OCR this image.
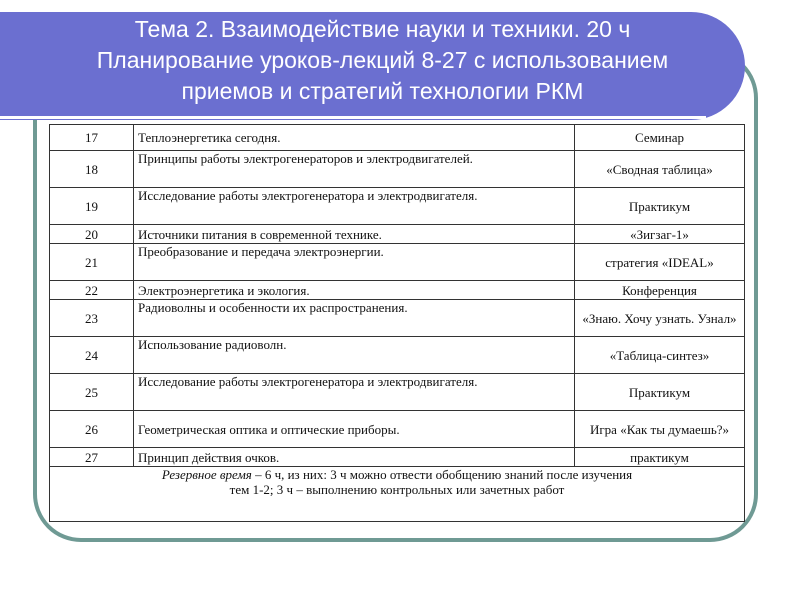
Тема 2. Взаимодействие науки и техники. 20 ч
Планирование уроков-лекций 8-27 с использованием
приемов и стратегий технологии РКМ
17	Теплоэнергетика сегодня.	Семинар
18	Принципы работы электрогенераторов и электродвигателей.	«Сводная таблица»
19	Исследование работы электрогенератора и электродвигателя.	Практикум
20	Источники питания в современной технике.	«Зигзаг-1»
21	Преобразование и передача электроэнергии.	стратегия «IDEAL»
22	Электроэнергетика и экология.	Конференция
23	Радиоволны и особенности их распространения.	«Знаю. Хочу узнать. Узнал»
24	Использование радиоволн.	«Таблица-синтез»
25	Исследование работы электрогенератора и электродвигателя.	Практикум
26	Геометрическая оптика и оптические приборы.	Игра «Как ты думаешь?»
27	Принцип действия очков.	практикум
Резервное время – 6 ч, из них: 3 ч можно отвести обобщению знаний после изучения
тем 1-2; 3 ч – выполнению контрольных или зачетных работ		
